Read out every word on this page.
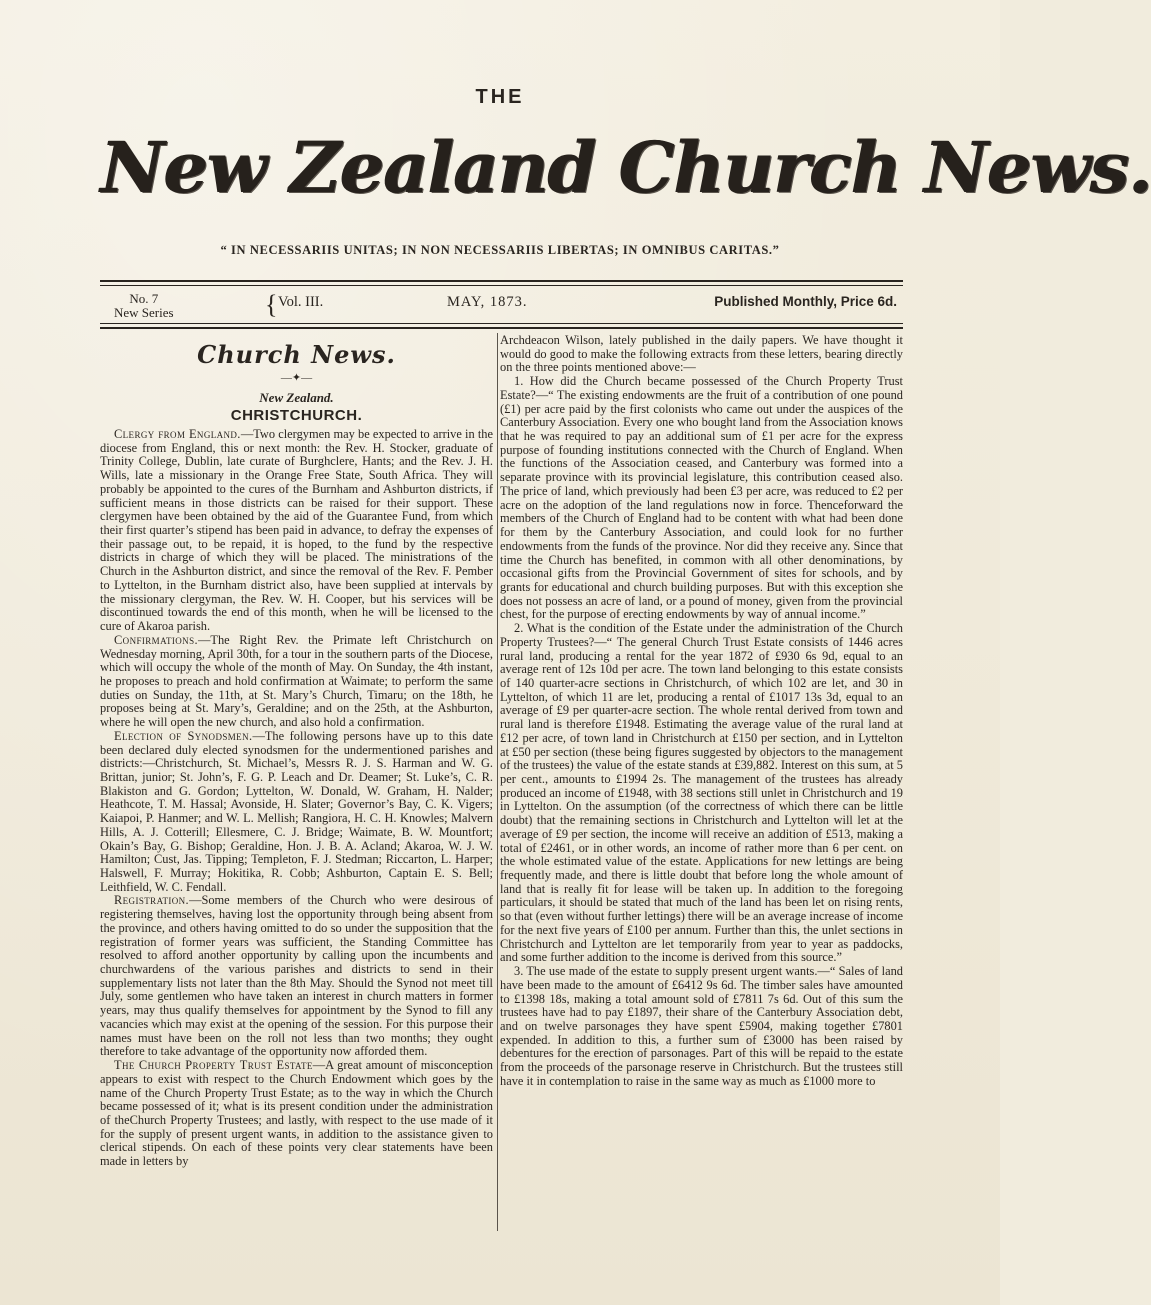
THE
New Zealand Church News.
“ IN NECESSARIIS UNITAS; IN NON NECESSARIIS LIBERTAS; IN OMNIBUS CARITAS.”
No. 7
New Series	{ Vol. III.	MAY, 1873.	Published Monthly, Price 6d.
Church News.
—✦—
New Zealand.
CHRISTCHURCH.

Clergy from England.—Two clergymen may be expected to arrive in the diocese from England, this or next month: the Rev. H. Stocker, graduate of Trinity College, Dublin, late curate of Burghclere, Hants; and the Rev. J. H. Wills, late a missionary in the Orange Free State, South Africa. They will probably be appointed to the cures of the Burnham and Ashburton districts, if sufficient means in those districts can be raised for their support. These clergymen have been obtained by the aid of the Guarantee Fund, from which their first quarter’s stipend has been paid in advance, to defray the expenses of their passage out, to be repaid, it is hoped, to the fund by the respective districts in charge of which they will be placed. The ministrations of the Church in the Ashburton district, and since the removal of the Rev. F. Pember to Lyttelton, in the Burnham district also, have been supplied at intervals by the missionary clergyman, the Rev. W. H. Cooper, but his services will be discontinued towards the end of this month, when he will be licensed to the cure of Akaroa parish.

Confirmations.—The Right Rev. the Primate left Christchurch on Wednesday morning, April 30th, for a tour in the southern parts of the Diocese, which will occupy the whole of the month of May. On Sunday, the 4th instant, he proposes to preach and hold confirmation at Waimate; to perform the same duties on Sunday, the 11th, at St. Mary’s Church, Timaru; on the 18th, he proposes being at St. Mary’s, Geraldine; and on the 25th, at the Ashburton, where he will open the new church, and also hold a confirmation.

Election of Synodsmen.—The following persons have up to this date been declared duly elected synodsmen for the undermentioned parishes and districts:—Christchurch, St. Michael’s, Messrs R. J. S. Harman and W. G. Brittan, junior; St. John’s, F. G. P. Leach and Dr. Deamer; St. Luke’s, C. R. Blakiston and G. Gordon; Lyttelton, W. Donald, W. Graham, H. Nalder; Heathcote, T. M. Hassal; Avonside, H. Slater; Governor’s Bay, C. K. Vigers; Kaiapoi, P. Hanmer; and W. L. Mellish; Rangiora, H. C. H. Knowles; Malvern Hills, A. J. Cotterill; Ellesmere, C. J. Bridge; Waimate, B. W. Mountfort; Okain’s Bay, G. Bishop; Geraldine, Hon. J. B. A. Acland; Akaroa, W. J. W. Hamilton; Cust, Jas. Tipping; Templeton, F. J. Stedman; Riccarton, L. Harper; Halswell, F. Murray; Hokitika, R. Cobb; Ashburton, Captain E. S. Bell; Leithfield, W. C. Fendall.

Registration.—Some members of the Church who were desirous of registering themselves, having lost the opportunity through being absent from the province, and others having omitted to do so under the supposition that the registration of former years was sufficient, the Standing Committee has resolved to afford another opportunity by calling upon the incumbents and churchwardens of the various parishes and districts to send in their supplementary lists not later than the 8th May. Should the Synod not meet till July, some gentlemen who have taken an interest in church matters in former years, may thus qualify themselves for appointment by the Synod to fill any vacancies which may exist at the opening of the session. For this purpose their names must have been on the roll not less than two months; they ought therefore to take advantage of the opportunity now afforded them.

The Church Property Trust Estate—A great amount of misconception appears to exist with respect to the Church Endowment which goes by the name of the Church Property Trust Estate; as to the way in which the Church became possessed of it; what is its present condition under the administration of theChurch Property Trustees; and lastly, with respect to the use made of it for the supply of present urgent wants, in addition to the assistance given to clerical stipends. On each of these points very clear statements have been made in letters by

Archdeacon Wilson, lately published in the daily papers. We have thought it would do good to make the following extracts from these letters, bearing directly on the three points mentioned above:—

1. How did the Church became possessed of the Church Property Trust Estate?—“ The existing endowments are the fruit of a contribution of one pound (£1) per acre paid by the first colonists who came out under the auspices of the Canterbury Association. Every one who bought land from the Association knows that he was required to pay an additional sum of £1 per acre for the express purpose of founding institutions connected with the Church of England. When the functions of the Association ceased, and Canterbury was formed into a separate province with its provincial legislature, this contribution ceased also. The price of land, which previously had been £3 per acre, was reduced to £2 per acre on the adoption of the land regulations now in force. Thenceforward the members of the Church of England had to be content with what had been done for them by the Canterbury Association, and could look for no further endowments from the funds of the province. Nor did they receive any. Since that time the Church has benefited, in common with all other denominations, by occasional gifts from the Provincial Government of sites for schools, and by grants for educational and church building purposes. But with this exception she does not possess an acre of land, or a pound of money, given from the provincial chest, for the purpose of erecting endowments by way of annual income.”

2. What is the condition of the Estate under the administration of the Church Property Trustees?—“ The general Church Trust Estate consists of 1446 acres rural land, producing a rental for the year 1872 of £930 6s 9d, equal to an average rent of 12s 10d per acre. The town land belonging to this estate consists of 140 quarter-acre sections in Christchurch, of which 102 are let, and 30 in Lyttelton, of which 11 are let, producing a rental of £1017 13s 3d, equal to an average of £9 per quarter-acre section. The whole rental derived from town and rural land is therefore £1948. Estimating the average value of the rural land at £12 per acre, of town land in Christchurch at £150 per section, and in Lyttelton at £50 per section (these being figures suggested by objectors to the management of the trustees) the value of the estate stands at £39,882. Interest on this sum, at 5 per cent., amounts to £1994 2s. The management of the trustees has already produced an income of £1948, with 38 sections still unlet in Christchurch and 19 in Lyttelton. On the assumption (of the correctness of which there can be little doubt) that the remaining sections in Christchurch and Lyttelton will let at the average of £9 per section, the income will receive an addition of £513, making a total of £2461, or in other words, an income of rather more than 6 per cent. on the whole estimated value of the estate. Applications for new lettings are being frequently made, and there is little doubt that before long the whole amount of land that is really fit for lease will be taken up. In addition to the foregoing particulars, it should be stated that much of the land has been let on rising rents, so that (even without further lettings) there will be an average increase of income for the next five years of £100 per annum. Further than this, the unlet sections in Christchurch and Lyttelton are let temporarily from year to year as paddocks, and some further addition to the income is derived from this source.”

3. The use made of the estate to supply present urgent wants.—“ Sales of land have been made to the amount of £6412 9s 6d. The timber sales have amounted to £1398 18s, making a total amount sold of £7811 7s 6d. Out of this sum the trustees have had to pay £1897, their share of the Canterbury Association debt, and on twelve parsonages they have spent £5904, making together £7801 expended. In addition to this, a further sum of £3000 has been raised by debentures for the erection of parsonages. Part of this will be repaid to the estate from the proceeds of the parsonage reserve in Christchurch. But the trustees still have it in contemplation to raise in the same way as much as £1000 more to
